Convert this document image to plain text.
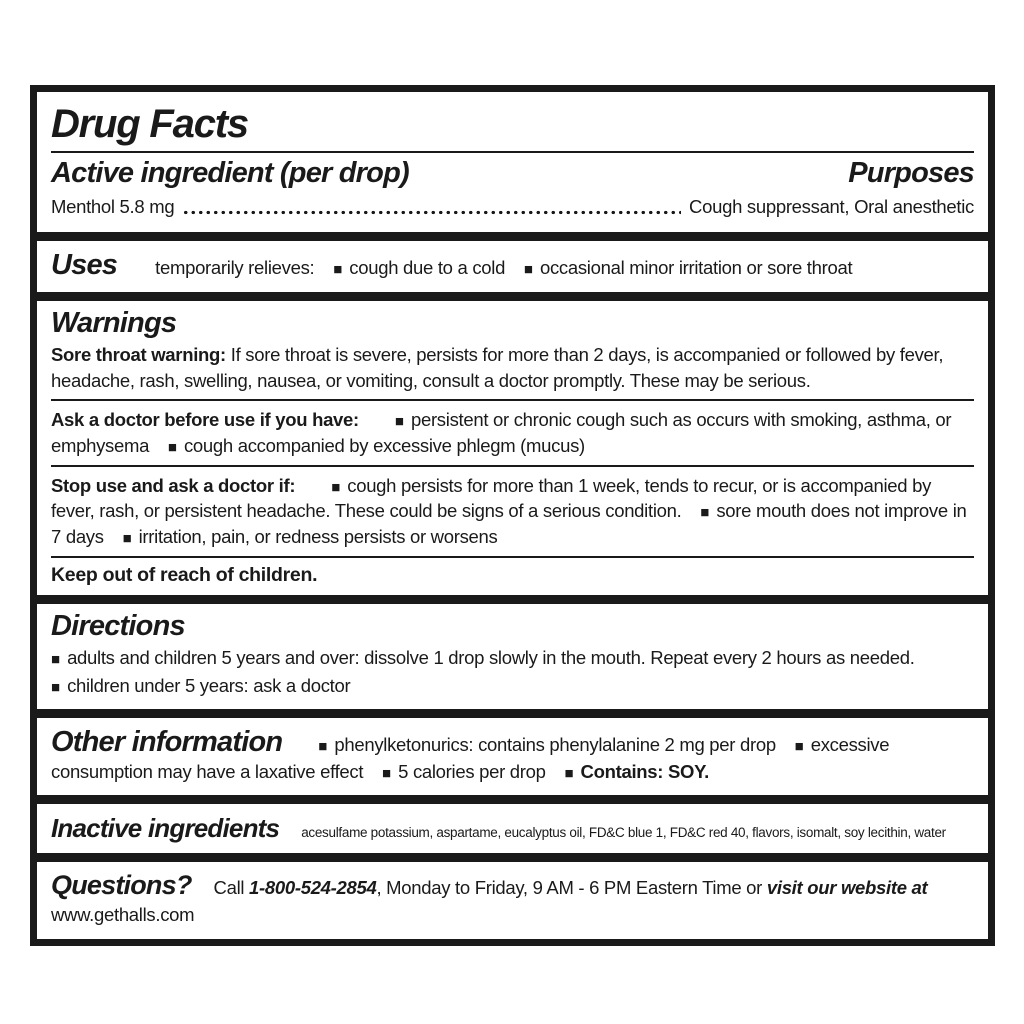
Drug Facts
Active ingredient (per drop)	Purposes
Menthol 5.8 mg	Cough suppressant, Oral anesthetic
Uses temporarily relieves: ■ cough due to a cold ■ occasional minor irritation or sore throat
Warnings
Sore throat warning: If sore throat is severe, persists for more than 2 days, is accompanied or followed by fever, headache, rash, swelling, nausea, or vomiting, consult a doctor promptly. These may be serious.
Ask a doctor before use if you have: ■ persistent or chronic cough such as occurs with smoking, asthma, or emphysema ■ cough accompanied by excessive phlegm (mucus)
Stop use and ask a doctor if: ■ cough persists for more than 1 week, tends to recur, or is accompanied by fever, rash, or persistent headache. These could be signs of a serious condition. ■ sore mouth does not improve in 7 days ■ irritation, pain, or redness persists or worsens
Keep out of reach of children.
Directions
■ adults and children 5 years and over: dissolve 1 drop slowly in the mouth. Repeat every 2 hours as needed.
■ children under 5 years: ask a doctor
Other information ■ phenylketonurics: contains phenylalanine 2 mg per drop ■ excessive consumption may have a laxative effect ■ 5 calories per drop ■ Contains: SOY.
Inactive ingredients acesulfame potassium, aspartame, eucalyptus oil, FD&C blue 1, FD&C red 40, flavors, isomalt, soy lecithin, water
Questions? Call 1-800-524-2854, Monday to Friday, 9 AM - 6 PM Eastern Time or visit our website at
www.gethalls.com
